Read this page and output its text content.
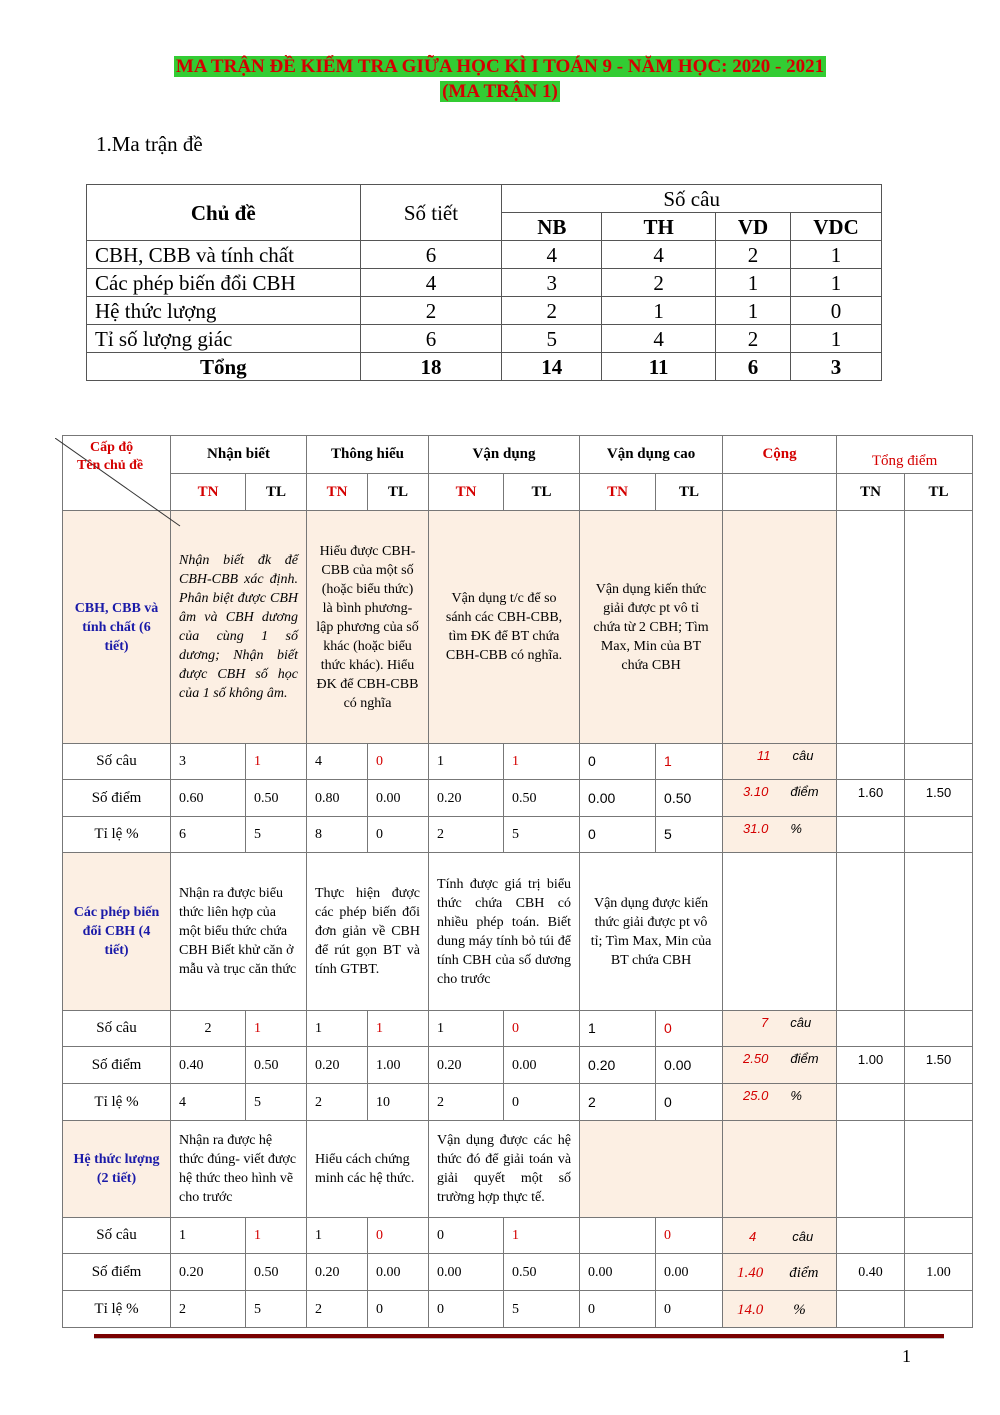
MA TRẬN ĐỀ KIỂM TRA GIỮA HỌC KÌ I TOÁN 9 - NĂM HỌC: 2020 - 2021
(MA TRẬN 1)
1.Ma trận đề
Chủ đề	Số tiết	Số câu			
		NB	TH	VD	VDC
CBH, CBB và tính chất	6	4	4	2	1
Các phép biến đổi CBH	4	3	2	1	1
Hệ thức lượng	2	2	1	1	0
Tỉ số lượng giác	6	5	4	2	1
Tổng	18	14	11	6	3
Cấp độ
Tên chủ đề	Nhận biết		Thông hiểu		Vận dụng		Vận dụng cao		Cộng	Tổng điểm	
	TN	TL	TN	TL	TN	TL	TN	TL		TN	TL
CBH, CBB và tính chất (6 tiết)	Nhận biết đk để CBH-CBB xác định. Phân biệt được CBH âm và CBH dương của cùng 1 số dương; Nhận biết được CBH số học của 1 số không âm.		Hiểu được CBH-CBB của một số (hoặc biểu thức) là bình phương-lập phương của số khác (hoặc biểu thức khác). Hiểu ĐK để CBH-CBB có nghĩa		Vận dụng t/c để so sánh các CBH-CBB, tìm ĐK để BT chứa CBH-CBB có nghĩa.		Vận dụng kiến thức giải được pt vô tỉ chứa từ 2 CBH; Tìm Max, Min của BT chứa CBH				
Số câu	3	1	4	0	1	1	0	1	11 câu		
Số điểm	0.60	0.50	0.80	0.00	0.20	0.50	0.00	0.50	3.10 điểm	1.60	1.50
Tỉ lệ %	6	5	8	0	2	5	0	5	31.0 %		
Các phép biến đổi CBH (4 tiết)	Nhận ra được biểu thức liên hợp của một biểu thức chứa CBH Biết khử căn ở mẫu và trục căn thức		Thực hiện được các phép biến đổi đơn giản về CBH để rút gọn BT và tính GTBT.		Tính được giá trị biểu thức chứa CBH có nhiều phép toán. Biết dung máy tính bỏ túi để tính CBH của số dương cho trước		Vận dụng được kiến thức giải được pt vô tỉ; Tìm Max, Min của BT chứa CBH				
Số câu	2	1	1	1	1	0	1	0	7 câu		
Số điểm	0.40	0.50	0.20	1.00	0.20	0.00	0.20	0.00	2.50 điểm	1.00	1.50
Tỉ lệ %	4	5	2	10	2	0	2	0	25.0 %		
Hệ thức lượng (2 tiết)	Nhận ra được hệ thức đúng- viết được hệ thức theo hình vẽ cho trước		Hiểu cách chứng minh các hệ thức.		Vận dụng được các hệ thức đó để giải toán và giải quyết một số trường hợp thực tế.						
Số câu	1	1	1	0	0	1		0	4 câu		
Số điểm	0.20	0.50	0.20	0.00	0.00	0.50	0.00	0.00	1.40 điểm	0.40	1.00
Tỉ lệ %	2	5	2	0	0	5	0	0	14.0 %		
1
